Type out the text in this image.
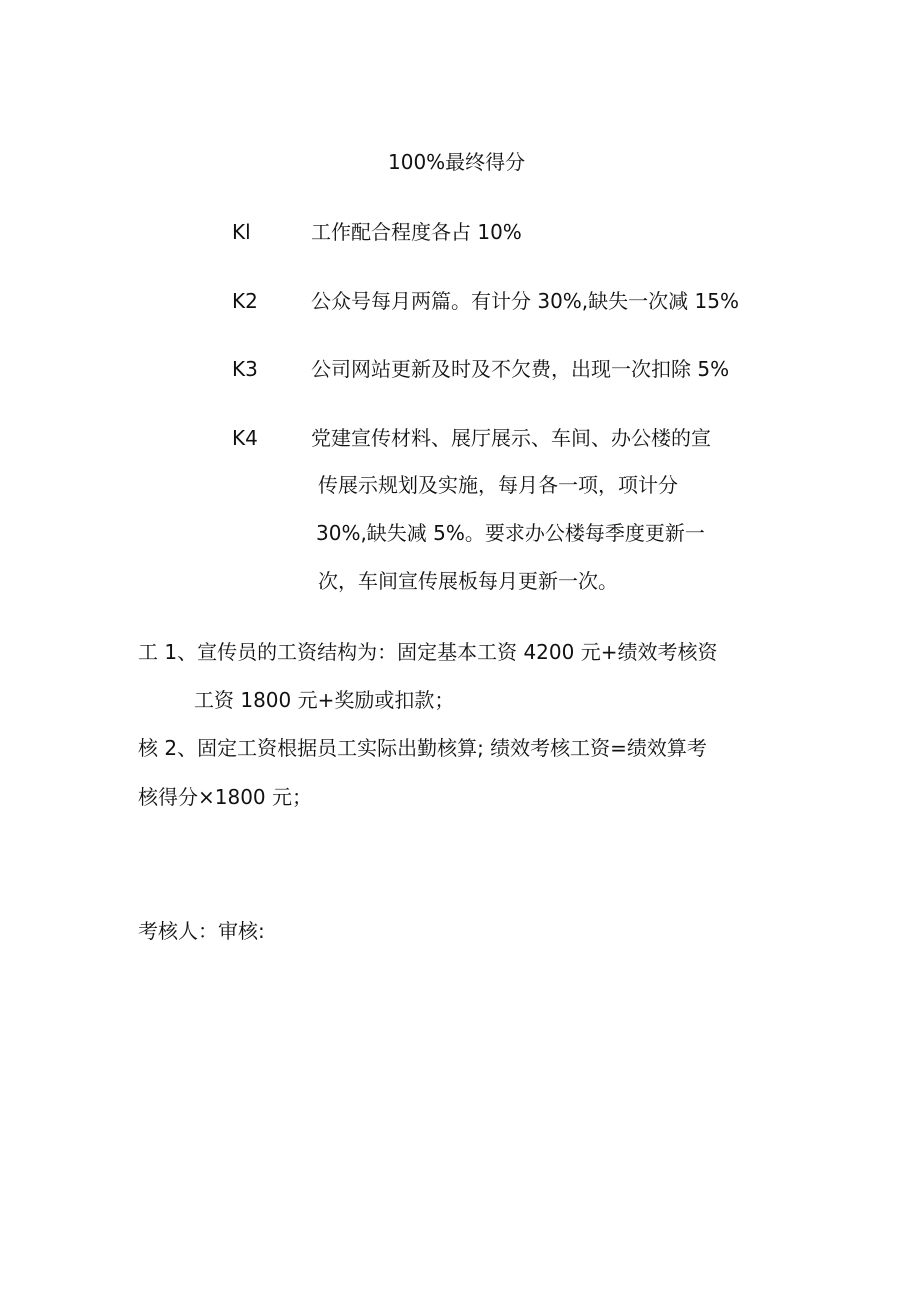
100%最终得分
Kl	工作配合程度各占 10%
K2	公众号每月两篇。有计分 30%,缺失一次减 15%
K3	公司网站更新及时及不欠费，出现一次扣除 5%
K4	党建宣传材料、展厅展示、车间、办公楼的宣
传展示规划及实施，每月各一项，项计分
30%,缺失减 5%。要求办公楼每季度更新一
次，车间宣传展板每月更新一次。
工 1、宣传员的工资结构为：固定基本工资 4200 元+绩效考核资
工资 1800 元+奖励或扣款；
核 2、固定工资根据员工实际出勤核算; 绩效考核工资=绩效算考
核得分×1800 元；
考核人：审核:
